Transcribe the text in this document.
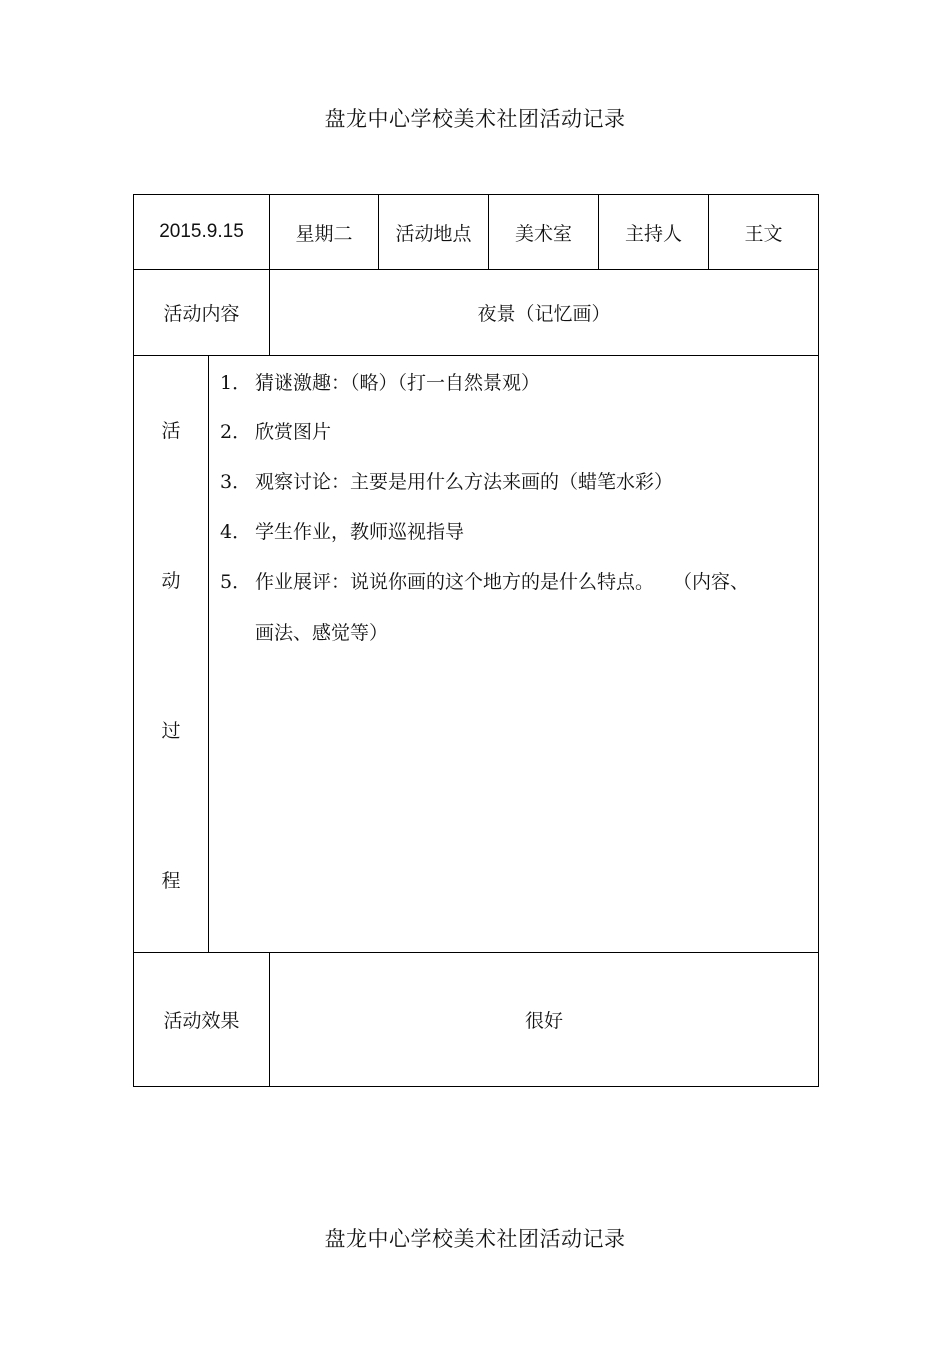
盘龙中心学校美术社团活动记录
2015.9.15	星期二	活动地点	美术室	主持人	王文
活动内容	夜景（记忆画）
活
动
过
程
1． 猜谜激趣：（略）（打一自然景观）
2． 欣赏图片
3． 观察讨论：主要是用什么方法来画的（蜡笔水彩）
4． 学生作业，教师巡视指导
5． 作业展评：说说你画的这个地方的是什么特点。　　（内容、
画法、感觉等）
活动效果	很好
盘龙中心学校美术社团活动记录
